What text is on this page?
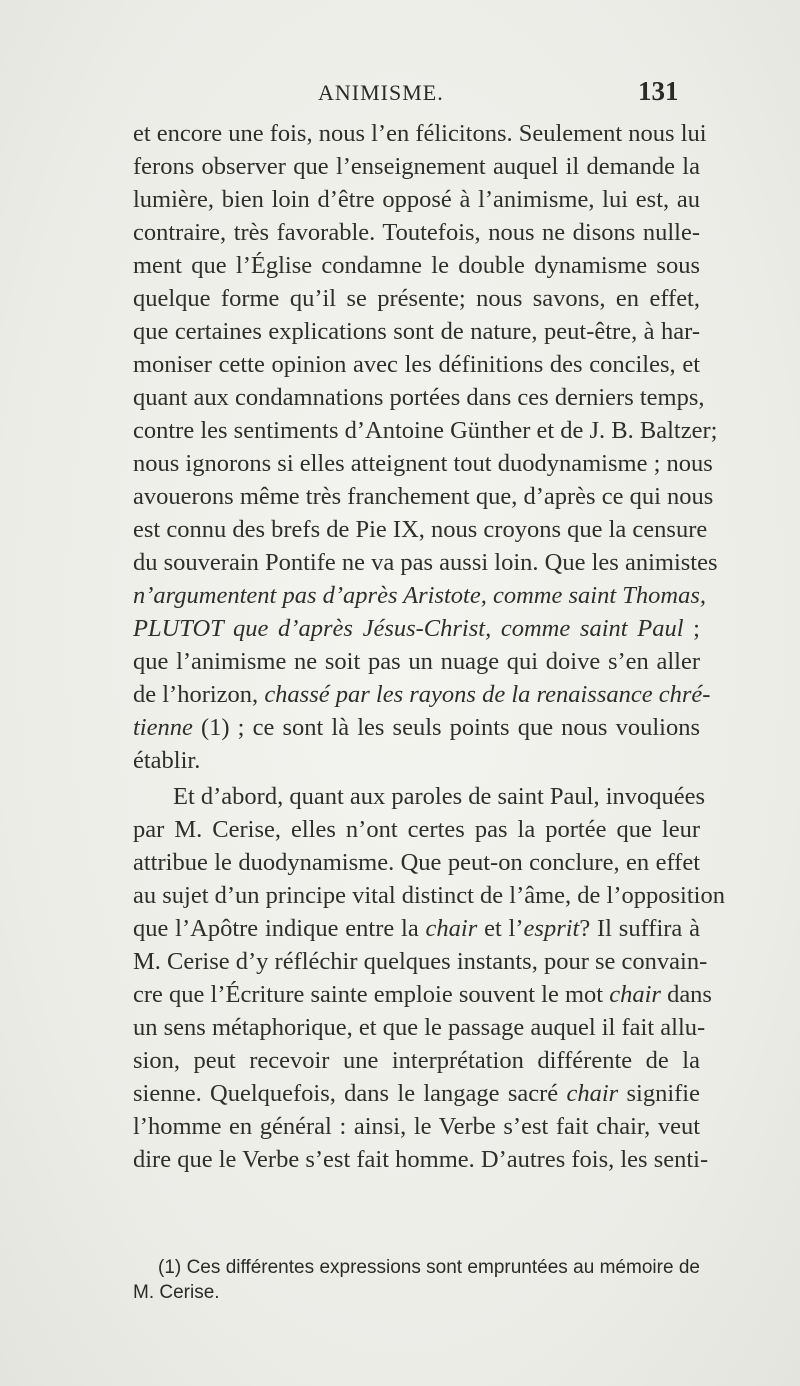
ANIMISME.	131
et encore une fois, nous l’en félicitons. Seulement nous lui
ferons observer que l’enseignement auquel il demande la
lumière, bien loin d’être opposé à l’animisme, lui est, au
contraire, très favorable. Toutefois, nous ne disons nulle-
ment que l’Église condamne le double dynamisme sous
quelque forme qu’il se présente; nous savons, en effet,
que certaines explications sont de nature, peut-être, à har-
moniser cette opinion avec les définitions des conciles, et
quant aux condamnations portées dans ces derniers temps,
contre les sentiments d’Antoine Günther et de J. B. Baltzer;
nous ignorons si elles atteignent tout duodynamisme ; nous
avouerons même très franchement que, d’après ce qui nous
est connu des brefs de Pie IX, nous croyons que la censure
du souverain Pontife ne va pas aussi loin. Que les animistes
n’argumentent pas d’après Aristote, comme saint Thomas,
PLUTOT que d’après Jésus-Christ, comme saint Paul ;
que l’animisme ne soit pas un nuage qui doive s’en aller
de l’horizon, chassé par les rayons de la renaissance chré-
tienne (1) ; ce sont là les seuls points que nous voulions
établir.
Et d’abord, quant aux paroles de saint Paul, invoquées
par M. Cerise, elles n’ont certes pas la portée que leur
attribue le duodynamisme. Que peut-on conclure, en effet
au sujet d’un principe vital distinct de l’âme, de l’opposition
que l’Apôtre indique entre la chair et l’esprit? Il suffira à
M. Cerise d’y réfléchir quelques instants, pour se convain-
cre que l’Écriture sainte emploie souvent le mot chair dans
un sens métaphorique, et que le passage auquel il fait allu-
sion, peut recevoir une interprétation différente de la
sienne. Quelquefois, dans le langage sacré chair signifie
l’homme en général : ainsi, le Verbe s’est fait chair, veut
dire que le Verbe s’est fait homme. D’autres fois, les senti-
(1) Ces différentes expressions sont empruntées au mémoire de
M. Cerise.
